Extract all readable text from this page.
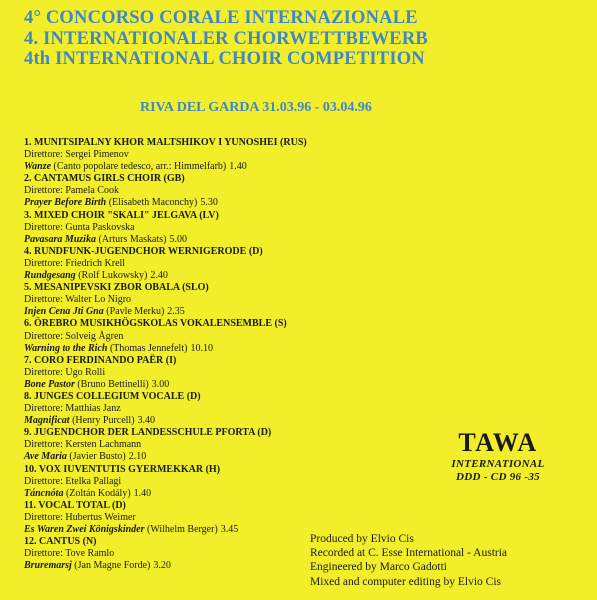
4° CONCORSO CORALE INTERNAZIONALE
4. INTERNATIONALER CHORWETTBEWERB
4th INTERNATIONAL CHOIR COMPETITION
RIVA DEL GARDA 31.03.96 - 03.04.96
1. MUNITSIPALNY KHOR MALTSHIKOV I YUNOSHEI (RUS)
Direttore: Sergei Pimenov
Wanze (Canto popolare tedesco, arr.: Himmelfarb) 1.40
2. CANTAMUS GIRLS CHOIR (GB)
Direttore: Pamela Cook
Prayer Before Birth (Elisabeth Maconchy) 5.30
3. MIXED CHOIR "SKALI" JELGAVA (LV)
Direttore: Gunta Paskovska
Pavasara Muzika (Arturs Maskats) 5.00
4. RUNDFUNK-JUGENDCHOR WERNIGERODE (D)
Direttore: Friedrich Krell
Rundgesang (Rolf Lukowsky) 2.40
5. MESANIPEVSKI ZBOR OBALA (SLO)
Direttore: Walter Lo Nigro
Injen Cena Jti Gna (Pavle Merku) 2.35
6. ÖREBRO MUSIKHÖGSKOLAS VOKALENSEMBLE (S)
Direttore: Solveig Ågren
Warning to the Rich (Thomas Jennefelt) 10.10
7. CORO FERDINANDO PAËR (I)
Direttore: Ugo Rolli
Bone Pastor (Bruno Bettinelli) 3.00
8. JUNGES COLLEGIUM VOCALE (D)
Direttore: Matthias Janz
Magnificat (Henry Purcell) 3.40
9. JUGENDCHOR DER LANDESSCHULE PFORTA (D)
Direttore: Kersten Lachmann
Ave Maria (Javier Busto) 2.10
10. VOX IUVENTUTIS GYERMEKKAR (H)
Direttore: Etelka Pallagi
Táncnóta (Zoltán Kodály) 1.40
11. VOCAL TOTAL (D)
Direttore: Hubertus Weimer
Es Waren Zwei Königskinder (Wilhelm Berger) 3.45
12. CANTUS (N)
Direttore: Tove Ramlo
Bruremarsj (Jan Magne Forde) 3.20
TAWA
INTERNATIONAL
DDD - CD 96 -35
Produced by Elvio Cis
Recorded at C. Esse International - Austria
Engineered by Marco Gadotti
Mixed and computer editing by Elvio Cis
